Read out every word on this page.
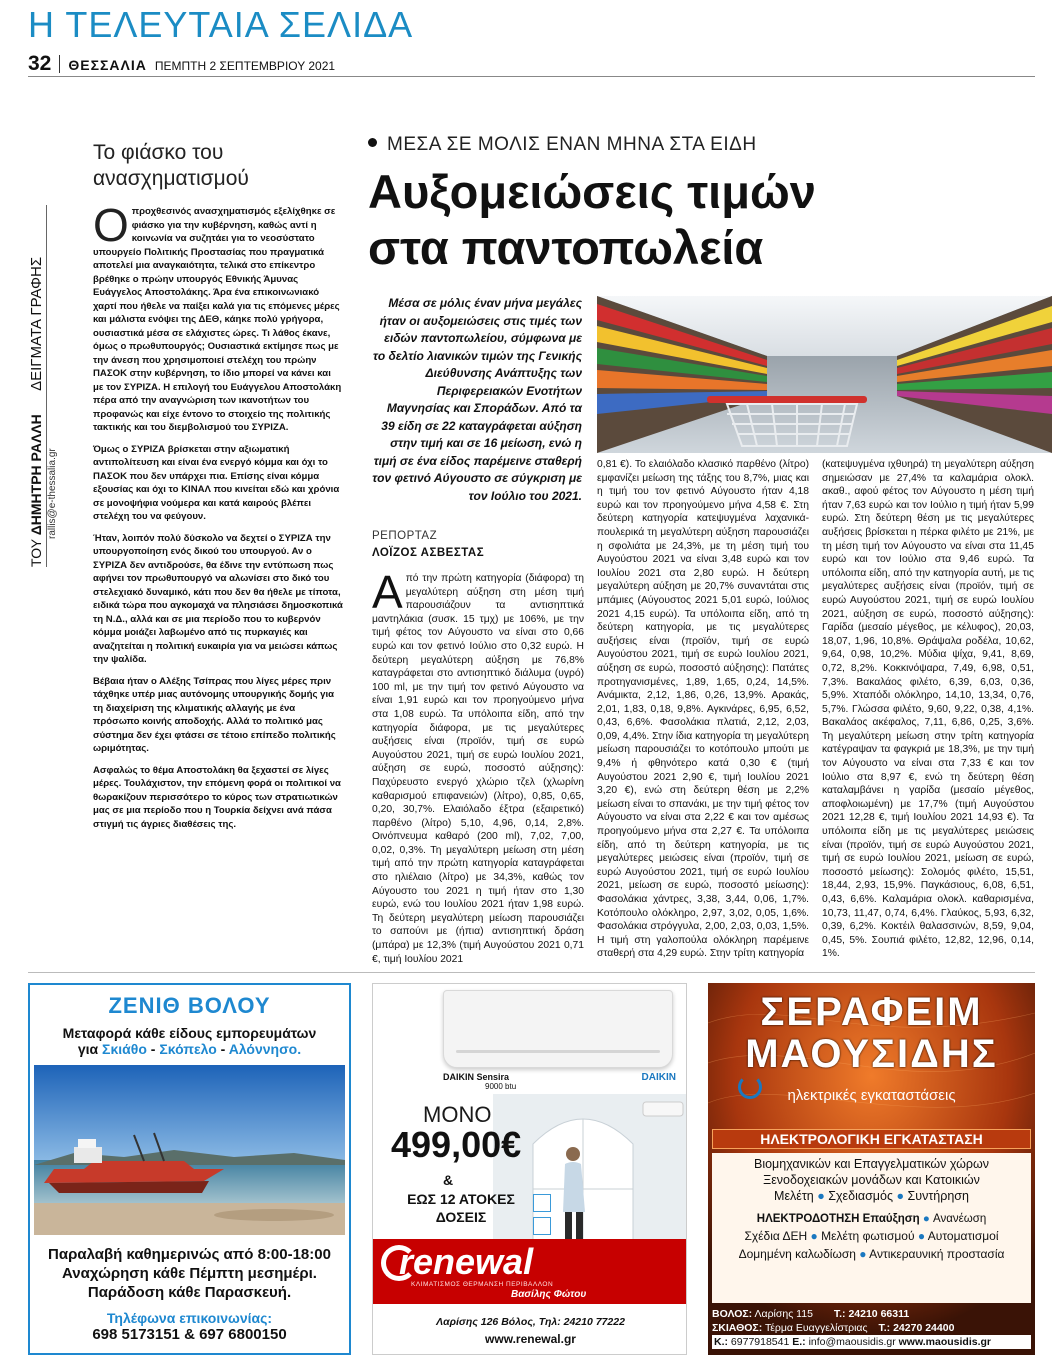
Η ΤΕΛΕΥΤΑΙΑ ΣΕΛΙΔΑ
32 ΘΕΣΣΑΛΙΑ ΠΕΜΠΤΗ 2 ΣΕΠΤΕΜΒΡΙΟΥ 2021
ΤΟΥ ΔΗΜΗΤΡΗ ΡΑΛΛΗ      ΔΕΙΓΜΑΤΑ ΓΡΑΦΗΣ
rallis@e-thessalia.gr
Το φιάσκο του ανασχηματισμού

Οπροχθεσινός ανασχηματισμός εξελίχθηκε σε φιάσκο για την κυβέρνηση, καθώς αντί η κοινωνία να συζητάει για το νεοσύστατο υπουργείο Πολιτικής Προστασίας που πραγματικά αποτελεί μια αναγκαιότητα, τελικά στο επίκεντρο βρέθηκε ο πρώην υπουργός Εθνικής Άμυνας Ευάγγελος Αποστολάκης. Άρα ένα επικοινωνιακό χαρτί που ήθελε να παίξει καλά για τις επόμενες μέρες και μάλιστα ενόψει της ΔΕΘ, κάηκε πολύ γρήγορα, ουσιαστικά μέσα σε ελάχιστες ώρες. Τι λάθος έκανε, όμως ο πρωθυπουργός; Ουσιαστικά εκτίμησε πως με την άνεση που χρησιμοποιεί στελέχη του πρώην ΠΑΣΟΚ στην κυβέρνηση, το ίδιο μπορεί να κάνει και με τον ΣΥΡΙΖΑ. Η επιλογή του Ευάγγελου Αποστολάκη πέρα από την αναγνώριση των ικανοτήτων του προφανώς και είχε έντονο το στοιχείο της πολιτικής τακτικής και του διεμβολισμού του ΣΥΡΙΖΑ.

Όμως ο ΣΥΡΙΖΑ βρίσκεται στην αξιωματική αντιπολίτευση και είναι ένα ενεργό κόμμα και όχι το ΠΑΣΟΚ που δεν υπάρχει πια. Επίσης είναι κόμμα εξουσίας και όχι το ΚΙΝΑΛ που κινείται εδώ και χρόνια σε μονοψήφια νούμερα και κατά καιρούς βλέπει στελέχη του να φεύγουν.

Ήταν, λοιπόν πολύ δύσκολο να δεχτεί ο ΣΥΡΙΖΑ την υπουργοποίηση ενός δικού του υπουργού. Αν ο ΣΥΡΙΖΑ δεν αντιδρούσε, θα έδινε την εντύπωση πως αφήνει τον πρωθυπουργό να αλωνίσει στο δικό του στελεχιακό δυναμικό, κάτι που δεν θα ήθελε με τίποτα, ειδικά τώρα που αγκομαχά να πλησιάσει δημοσκοπικά τη Ν.Δ., αλλά και σε μια περίοδο που το κυβερνόν κόμμα μοιάζει λαβωμένο από τις πυρκαγιές και αναζητείται η πολιτική ευκαιρία για να μειώσει κάπως την ψαλίδα.

Βέβαια ήταν ο Αλέξης Τσίπρας που λίγες μέρες πριν τάχθηκε υπέρ μιας αυτόνομης υπουργικής δομής για τη διαχείριση της κλιματικής αλλαγής με ένα πρόσωπο κοινής αποδοχής. Αλλά το πολιτικό μας σύστημα δεν έχει φτάσει σε τέτοιο επίπεδο πολιτικής ωριμότητας.

Ασφαλώς το θέμα Αποστολάκη θα ξεχαστεί σε λίγες μέρες. Τουλάχιστον, την επόμενη φορά οι πολιτικοί να θωρακίζουν περισσότερο το κύρος των στρατιωτικών μας σε μια περίοδο που η Τουρκία δείχνει ανά πάσα στιγμή τις άγριες διαθέσεις της.

ΜΕΣΑ ΣΕ ΜΟΛΙΣ ΕΝΑΝ ΜΗΝΑ ΣΤΑ ΕΙΔΗ
Αυξομειώσεις τιμών
στα παντοπωλεία
Μέσα σε μόλις έναν μήνα μεγάλες ήταν οι αυξομειώσεις στις τιμές των ειδών παντοπωλείου, σύμφωνα με το δελτίο λιανικών τιμών της Γενικής Διεύθυνσης Ανάπτυξης των Περιφερειακών Ενοτήτων Μαγνησίας και Σποράδων. Από τα 39 είδη σε 22 καταγράφεται αύξηση στην τιμή και σε 16 μείωση, ενώ η τιμή σε ένα είδος παρέμεινε σταθερή τον φετινό Αύγουστο σε σύγκριση με τον Ιούλιο του 2021.
ΡΕΠΟΡΤΑΖ
ΛΟΪΖΟΣ ΑΣΒΕΣΤΑΣ

Από την πρώτη κατηγορία (διάφορα) τη μεγαλύτερη αύξηση στη μέση τιμή παρουσιάζουν τα αντισηπτικά μαντηλάκια (συσκ. 15 τμχ) με 106%, με την τιμή φέτος τον Αύγουστο να είναι στο 0,66 ευρώ και τον φετινό Ιούλιο στο 0,32 ευρώ. Η δεύτερη μεγαλύτερη αύξηση με 76,8% καταγράφεται στο αντισηπτικό διάλυμα (υγρό) 100 ml, με την τιμή τον φετινό Αύγουστο να είναι 1,91 ευρώ και τον προηγούμενο μήνα στα 1,08 ευρώ. Τα υπόλοιπα είδη, από την κατηγορία διάφορα, με τις μεγαλύτερες αυξήσεις είναι (προϊόν, τιμή σε ευρώ Αυγούστου 2021, τιμή σε ευρώ Ιουλίου 2021, αύξηση σε ευρώ, ποσοστό αύξησης): Παχύρευστο ενεργό χλώριο τζελ (χλωρίνη καθαρισμού επιφανειών) (λίτρο), 0,85, 0,65, 0,20, 30,7%. Ελαιόλαδο έξτρα (εξαιρετικό) παρθένο (λίτρο) 5,10, 4,96, 0,14, 2,8%. Οινόπνευμα καθαρό (200 ml), 7,02, 7,00, 0,02, 0,3%. Τη μεγαλύτερη μείωση στη μέση τιμή από την πρώτη κατηγορία καταγράφεται στο ηλιέλαιο (λίτρο) με 34,3%, καθώς τον Αύγουστο του 2021 η τιμή ήταν στο 1,30 ευρώ, ενώ του Ιουλίου 2021 ήταν 1,98 ευρώ. Τη δεύτερη μεγαλύτερη μείωση παρουσιάζει το σαπούνι με (ήπια) αντισηπτική δράση (μπάρα) με 12,3% (τιμή Αυγούστου 2021 0,71 €, τιμή Ιουλίου 2021

0,81 €). Το ελαιόλαδο κλασικό παρθένο (λίτρο) εμφανίζει μείωση της τάξης του 8,7%, μιας και η τιμή του τον φετινό Αύγουστο ήταν 4,18 ευρώ και τον προηγούμενο μήνα 4,58 €. Στη δεύτερη κατηγορία κατεψυγμένα λαχανικά-πουλερικά τη μεγαλύτερη αύξηση παρουσιάζει η σφολιάτα με 24,3%, με τη μέση τιμή του Αυγούστου 2021 να είναι 3,48 ευρώ και τον Ιουλίου 2021 στα 2,80 ευρώ. Η δεύτερη μεγαλύτερη αύξηση με 20,7% συναντάται στις μπάμιες (Αύγουστος 2021 5,01 ευρώ, Ιούλιος 2021 4,15 ευρώ). Τα υπόλοιπα είδη, από τη δεύτερη κατηγορία, με τις μεγαλύτερες αυξήσεις είναι (προϊόν, τιμή σε ευρώ Αυγούστου 2021, τιμή σε ευρώ Ιουλίου 2021, αύξηση σε ευρώ, ποσοστό αύξησης): Πατάτες προτηγανισμένες, 1,89, 1,65, 0,24, 14,5%. Ανάμικτα, 2,12, 1,86, 0,26, 13,9%. Αρακάς, 2,01, 1,83, 0,18, 9,8%. Αγκινάρες, 6,95, 6,52, 0,43, 6,6%. Φασολάκια πλατιά, 2,12, 2,03, 0,09, 4,4%. Στην ίδια κατηγορία τη μεγαλύτερη μείωση παρουσιάζει το κοτόπουλο μπούτι με 9,4% ή φθηνότερο κατά 0,30 € (τιμή Αυγούστου 2021 2,90 €, τιμή Ιουλίου 2021 3,20 €), ενώ στη δεύτερη θέση με 2,2% μείωση είναι το σπανάκι, με την τιμή φέτος τον Αύγουστο να είναι στα 2,22 € και τον αμέσως προηγούμενο μήνα στα 2,27 €. Τα υπόλοιπα είδη, από τη δεύτερη κατηγορία, με τις μεγαλύτερες μειώσεις είναι (προϊόν, τιμή σε ευρώ Αυγούστου 2021, τιμή σε ευρώ Ιουλίου 2021, μείωση σε ευρώ, ποσοστό μείωσης): Φασολάκια χάντρες, 3,38, 3,44, 0,06, 1,7%. Κοτόπουλο ολόκληρο, 2,97, 3,02, 0,05, 1,6%. Φασολάκια στρόγγυλα, 2,00, 2,03, 0,03, 1,5%. Η τιμή στη γαλοπούλα ολόκληρη παρέμεινε σταθερή στα 4,29 ευρώ. Στην τρίτη κατηγορία

(κατεψυγμένα ιχθυηρά) τη μεγαλύτερη αύξηση σημειώσαν με 27,4% τα καλαμάρια ολοκλ. ακαθ., αφού φέτος τον Αύγουστο η μέση τιμή ήταν 7,63 ευρώ και τον Ιούλιο η τιμή ήταν 5,99 ευρώ. Στη δεύτερη θέση με τις μεγαλύτερες αυξήσεις βρίσκεται η πέρκα φιλέτο με 21%, με τη μέση τιμή τον Αύγουστο να είναι στα 11,45 ευρώ και τον Ιούλιο στα 9,46 ευρώ. Τα υπόλοιπα είδη, από την κατηγορία αυτή, με τις μεγαλύτερες αυξήσεις είναι (προϊόν, τιμή σε ευρώ Αυγούστου 2021, τιμή σε ευρώ Ιουλίου 2021, αύξηση σε ευρώ, ποσοστό αύξησης): Γαρίδα (μεσαίο μέγεθος, με κέλυφος), 20,03, 18,07, 1,96, 10,8%. Θράψαλα ροδέλα, 10,62, 9,64, 0,98, 10,2%. Μύδια ψίχα, 9,41, 8,69, 0,72, 8,2%. Κοκκινόψαρα, 7,49, 6,98, 0,51, 7,3%. Βακαλάος φιλέτο, 6,39, 6,03, 0,36, 5,9%. Χταπόδι ολόκληρο, 14,10, 13,34, 0,76, 5,7%. Γλώσσα φιλέτο, 9,60, 9,22, 0,38, 4,1%. Βακαλάος ακέφαλος, 7,11, 6,86, 0,25, 3,6%. Τη μεγαλύτερη μείωση στην τρίτη κατηγορία κατέγραψαν τα φαγκριά με 18,3%, με την τιμή τον Αύγουστο να είναι στα 7,33 € και τον Ιούλιο στα 8,97 €, ενώ τη δεύτερη θέση καταλαμβάνει η γαρίδα (μεσαίο μέγεθος, αποφλοιωμένη) με 17,7% (τιμή Αυγούστου 2021 12,28 €, τιμή Ιουλίου 2021 14,93 €). Τα υπόλοιπα είδη με τις μεγαλύτερες μειώσεις είναι (προϊόν, τιμή σε ευρώ Αυγούστου 2021, τιμή σε ευρώ Ιουλίου 2021, μείωση σε ευρώ, ποσοστό μείωσης): Σολομός φιλέτο, 15,51, 18,44, 2,93, 15,9%. Παγκάσιους, 6,08, 6,51, 0,43, 6,6%. Καλαμάρια ολοκλ. καθαρισμένα, 10,73, 11,47, 0,74, 6,4%. Γλαύκος, 5,93, 6,32, 0,39, 6,2%. Κοκτέιλ θαλασσινών, 8,59, 9,04, 0,45, 5%. Σουπιά φιλέτο, 12,82, 12,96, 0,14, 1%.

ΖΕΝΙΘ ΒΟΛΟΥ
Μεταφορά κάθε είδους εμπορευμάτων
για Σκιάθο - Σκόπελο - Αλόννησο.
Παραλαβή καθημερινώς από 8:00-18:00
Αναχώρηση κάθε Πέμπτη μεσημέρι.
Παράδοση κάθε Παρασκευή.
Τηλέφωνα επικοινωνίας:
698 5173151 & 697 6800150
DAIKIN Sensira
9000 btu
DAIKIN
ΜΟΝΟ
499,00€
&
ΕΩΣ 12 ΑΤΟΚΕΣ
ΔΟΣΕΙΣ
renewal
ΚΛΙΜΑΤΙΣΜΟΣ ΘΕΡΜΑΝΣΗ ΠΕΡΙΒΑΛΛΟΝ
Βασίλης Φώτου
Λαρίσης 126 Βόλος, Τηλ: 24210 77222
www.renewal.gr
ΣΕΡΑΦΕΙΜ
ΜΑΟΥΣΙΔΗΣ
ηλεκτρικές εγκαταστάσεις
ΗΛΕΚΤΡΟΛΟΓΙΚΗ ΕΓΚΑΤΑΣΤΑΣΗ
Βιομηχανικών και Επαγγελματικών χώρων
Ξενοδοχειακών μονάδων και Κατοικιών
Μελέτη ● Σχεδιασμός ● Συντήρηση
ΗΛΕΚΤΡΟΔΟΤΗΣΗ Επαύξηση ● Ανανέωση
Σχέδια ΔΕΗ ● Μελέτη φωτισμού ● Αυτοματισμοί
Δομημένη καλωδίωση ● Αντικεραυνική προστασία
ΒΟΛΟΣ: Λαρίσης 115 Τ.: 24210 66311
ΣΚΙΑΘΟΣ: Τέρμα Ευαγγελίστριας Τ.: 24270 24400
Κ.: 6977918541 Ε.: info@maousidis.gr www.maousidis.gr
